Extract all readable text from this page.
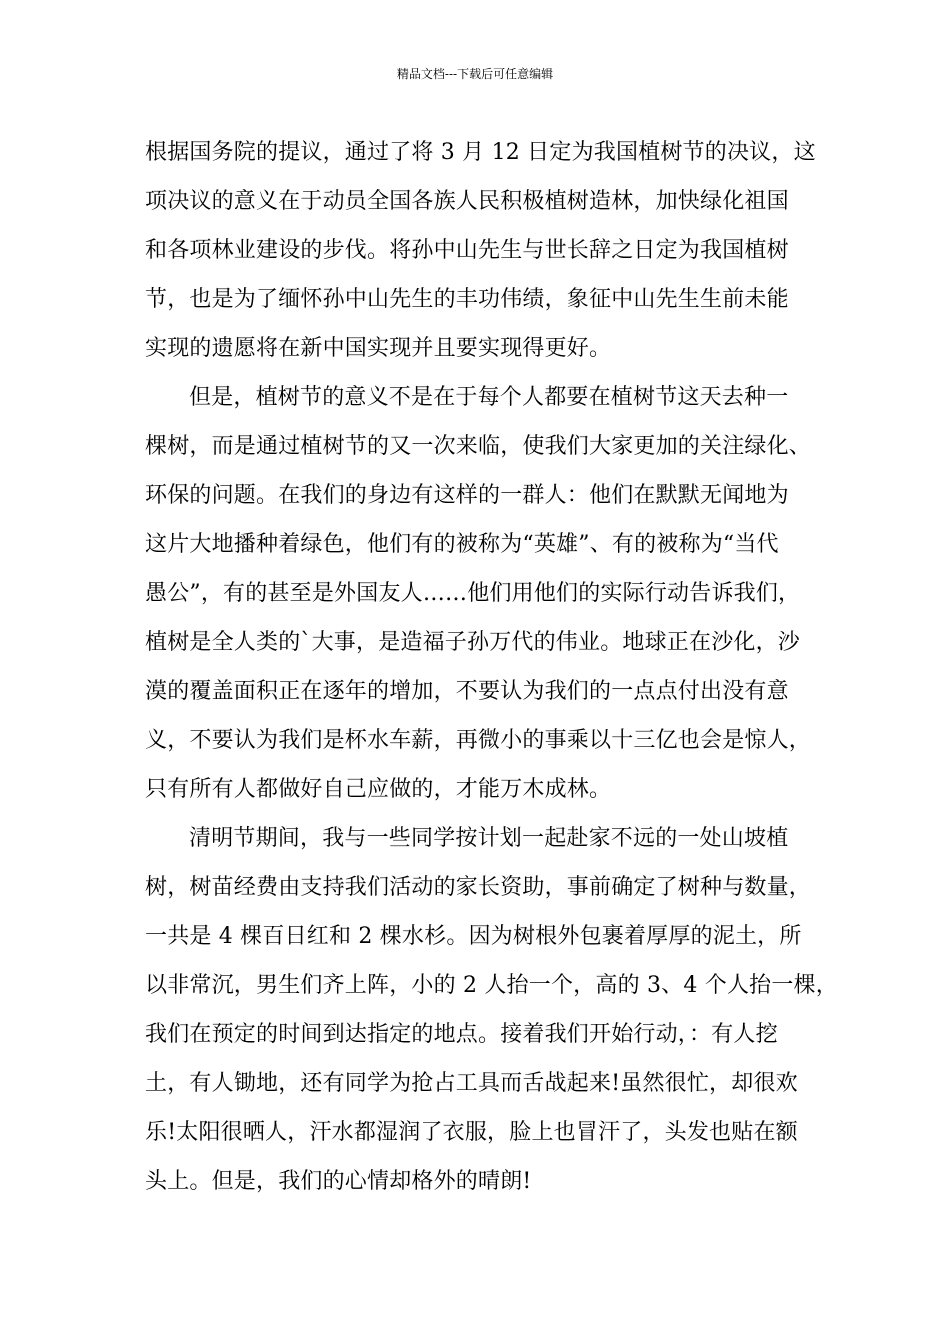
精品文档---下载后可任意编辑
根据国务院的提议，通过了将 3 月 12 日定为我国植树节的决议，这
项决议的意义在于动员全国各族人民积极植树造林，加快绿化祖国
和各项林业建设的步伐。将孙中山先生与世长辞之日定为我国植树
节，也是为了缅怀孙中山先生的丰功伟绩，象征中山先生生前未能
实现的遗愿将在新中国实现并且要实现得更好。
但是，植树节的意义不是在于每个人都要在植树节这天去种一
棵树，而是通过植树节的又一次来临，使我们大家更加的关注绿化、
环保的问题。在我们的身边有这样的一群人：他们在默默无闻地为
这片大地播种着绿色，他们有的被称为“英雄”、有的被称为“当代
愚公”，有的甚至是外国友人……他们用他们的实际行动告诉我们，
植树是全人类的`大事，是造福子孙万代的伟业。地球正在沙化，沙
漠的覆盖面积正在逐年的增加，不要认为我们的一点点付出没有意
义，不要认为我们是杯水车薪，再微小的事乘以十三亿也会是惊人，
只有所有人都做好自己应做的，才能万木成林。
清明节期间，我与一些同学按计划一起赴家不远的一处山坡植
树，树苗经费由支持我们活动的家长资助，事前确定了树种与数量，
一共是 4 棵百日红和 2 棵水杉。因为树根外包裹着厚厚的泥土，所
以非常沉，男生们齐上阵，小的 2 人抬一个，高的 3、4 个人抬一棵，
我们在预定的时间到达指定的地点。接着我们开始行动，：有人挖
土，有人锄地，还有同学为抢占工具而舌战起来!虽然很忙，却很欢
乐!太阳很晒人，汗水都湿润了衣服，脸上也冒汗了，头发也贴在额
头上。但是，我们的心情却格外的晴朗!
